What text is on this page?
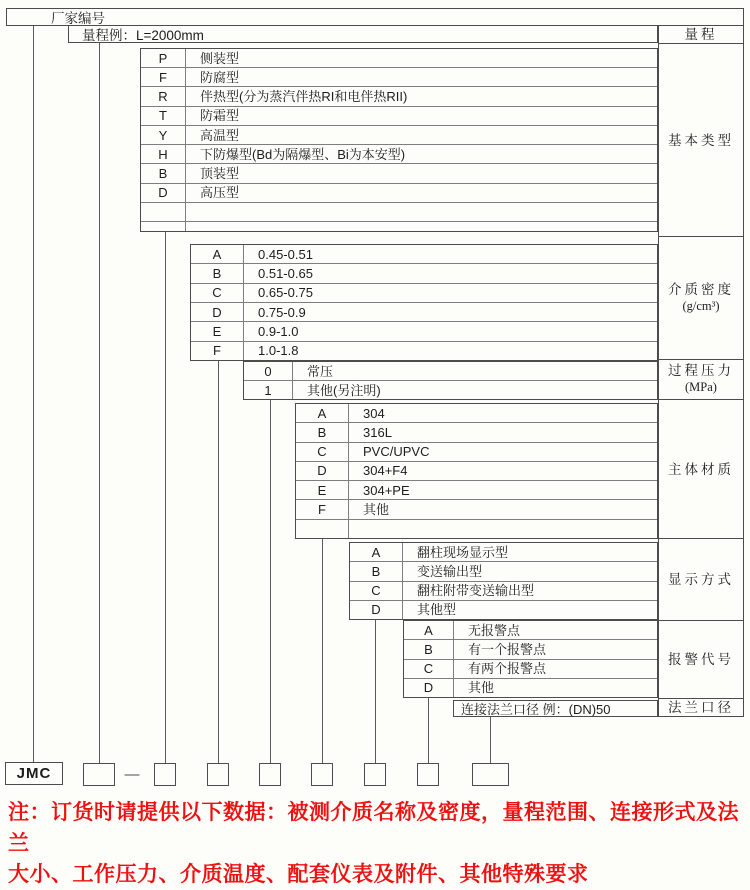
厂家编号
量程例：L=2000mm
P	侧装型
F	防腐型
R	伴热型(分为蒸汽伴热RI和电伴热RII)
T	防霜型
Y	高温型
H	下防爆型(Bd为隔爆型、Bi为本安型)
B	顶装型
D	高压型
A	0.45-0.51
B	0.51-0.65
C	0.65-0.75
D	0.75-0.9
E	0.9-1.0
F	1.0-1.8
0	常压
1	其他(另注明)
A	304
B	316L
C	PVC/UPVC
D	304+F4
E	304+PE
F	其他
A	翻柱现场显示型
B	变送输出型
C	翻柱附带变送输出型
D	其他型
A	无报警点
B	有一个报警点
C	有两个报警点
D	其他
连接法兰口径 例：(DN)50
量程
基本类型
介质密度
(g/cm³)
过程压力
(MPa)
主体材质
显示方式
报警代号
法兰口径
JMC	—
注：订货时请提供以下数据：被测介质名称及密度，量程范围、连接形式及法兰
大小、工作压力、介质温度、配套仪表及附件、其他特殊要求
